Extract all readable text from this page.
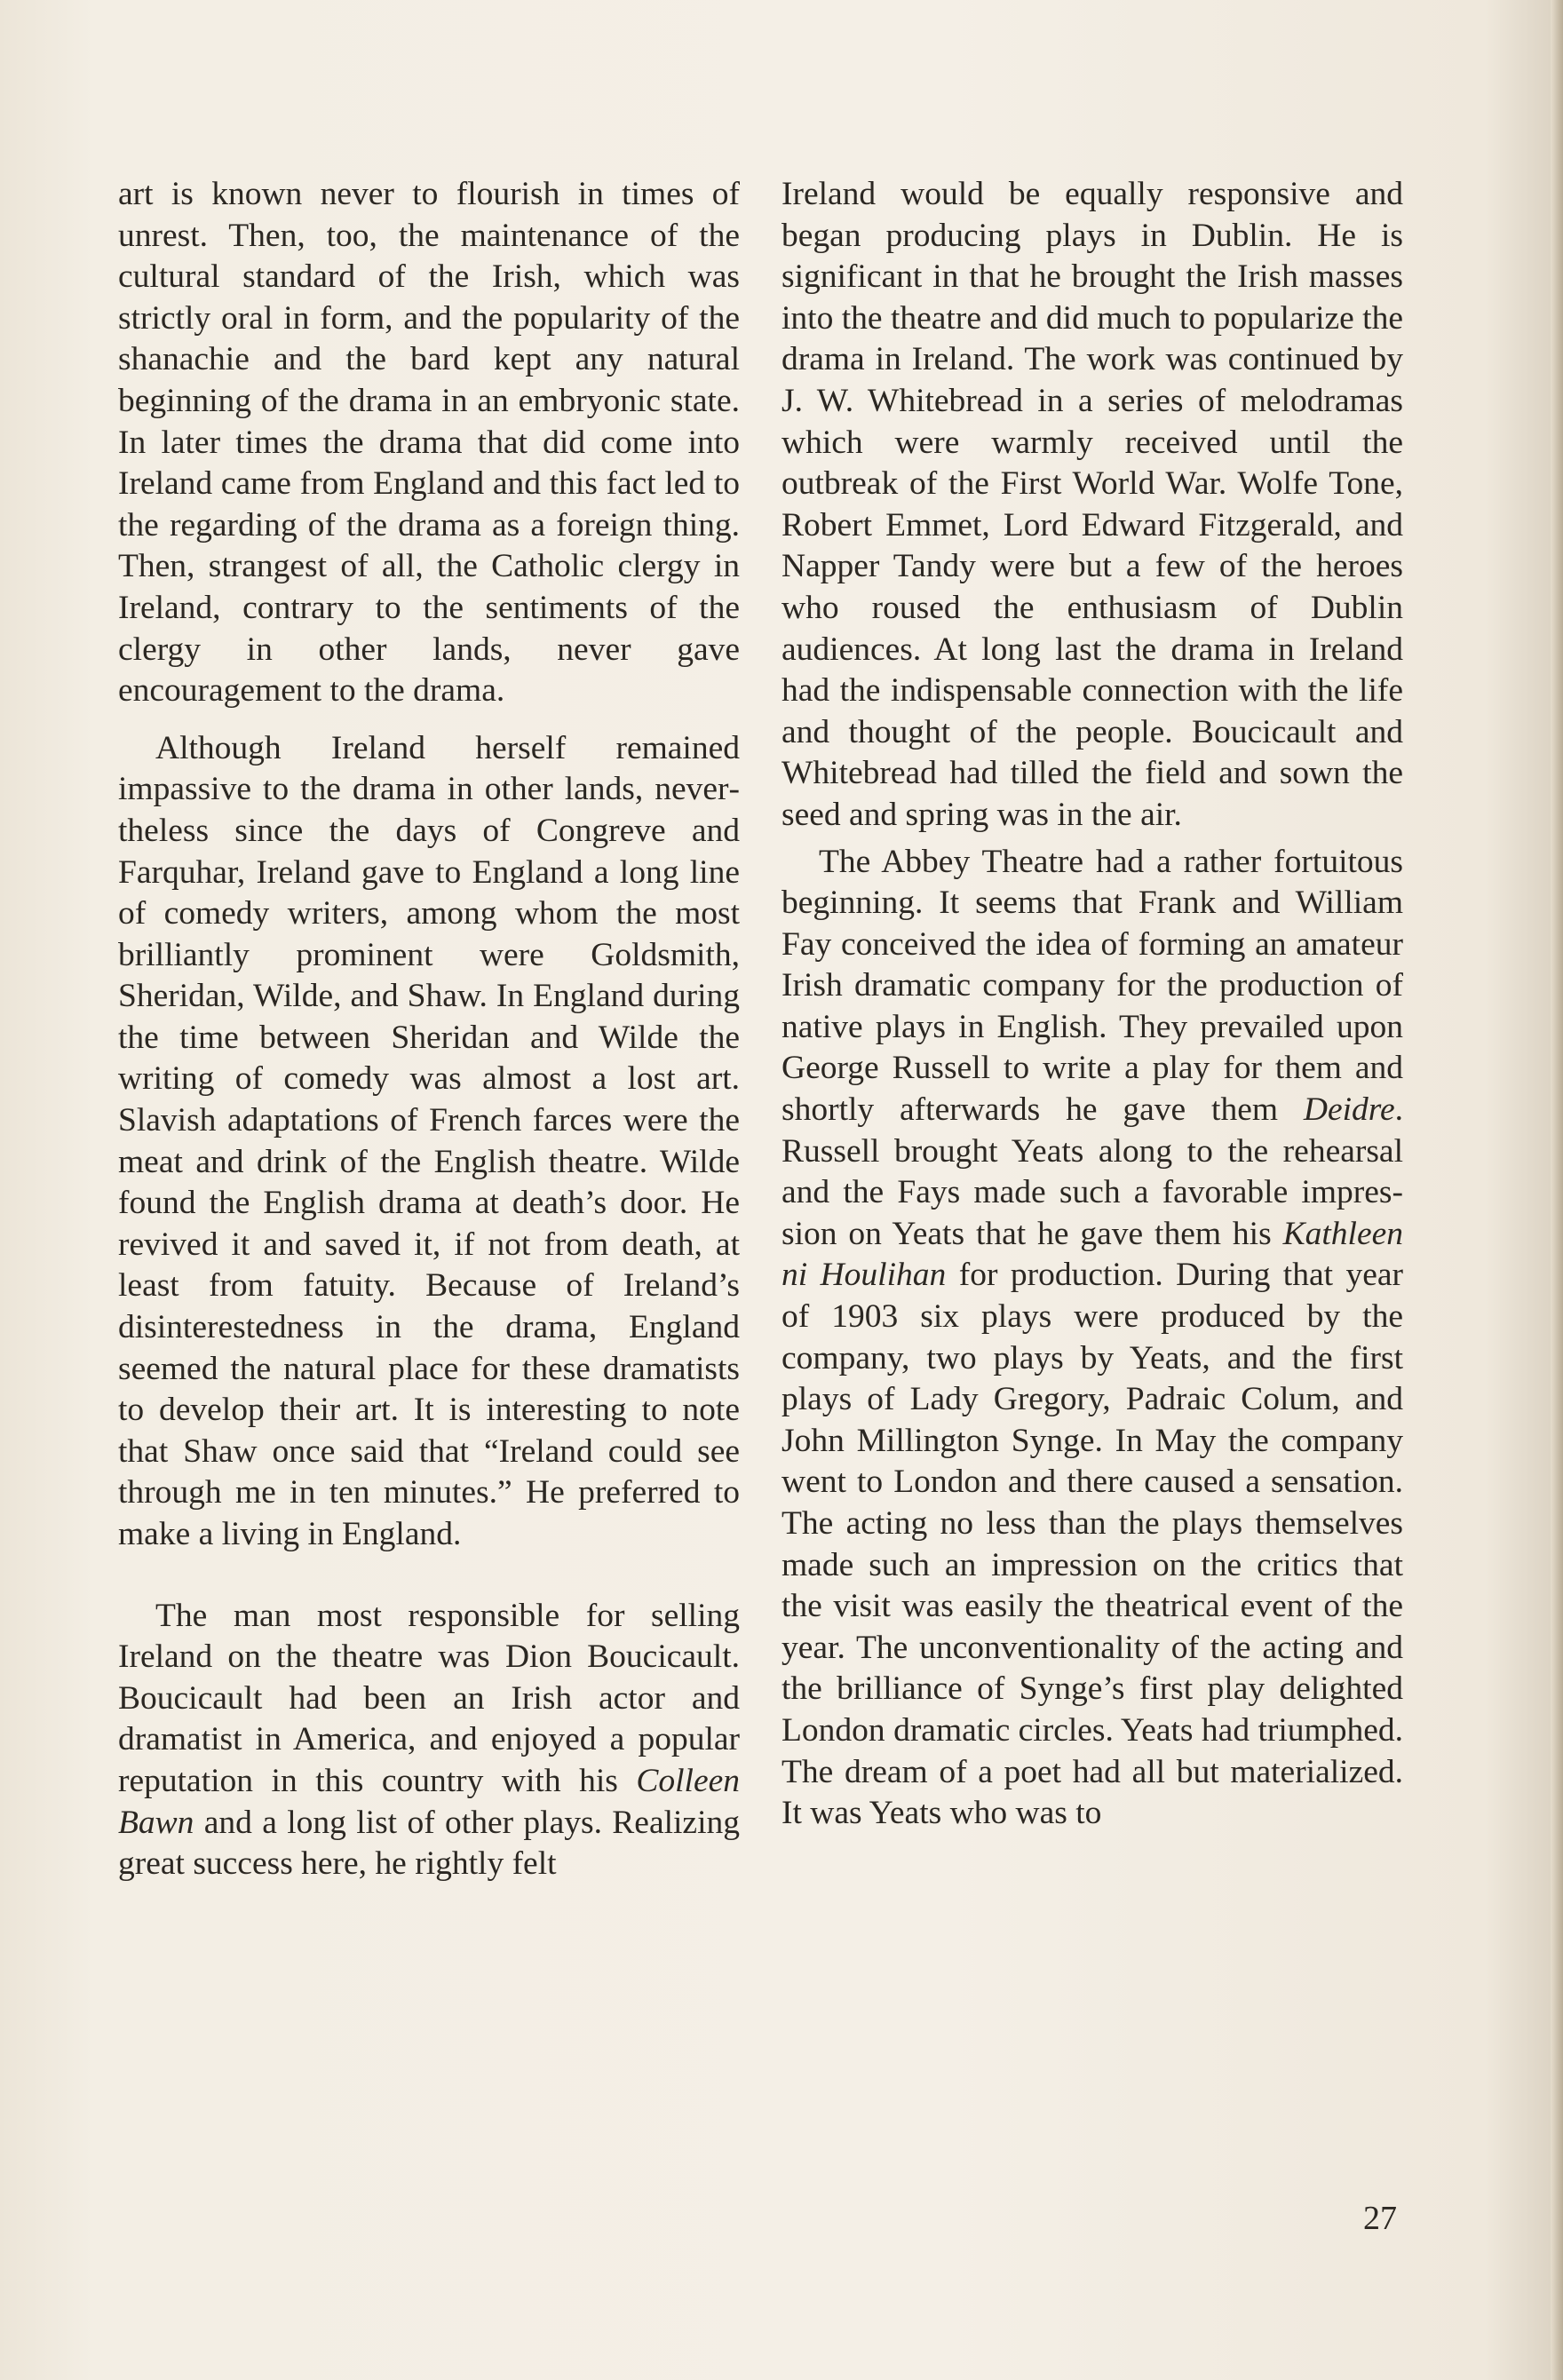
art is known never to flourish in times of unrest. Then, too, the maintenance of the cultural standard of the Irish, which was strictly oral in form, and the popularity of the shanachie and the bard kept any natural beginning of the drama in an embryonic state. In later times the drama that did come into Ireland came from England and this fact led to the regarding of the drama as a foreign thing. Then, strangest of all, the Catholic clergy in Ireland, contrary to the sentiments of the clergy in other lands, never gave encouragement to the drama.

Although Ireland herself remained impassive to the drama in other lands, nevertheless since the days of Congreve and Farquhar, Ireland gave to England a long line of comedy writers, among whom the most brilliantly prominent were Goldsmith, Sheridan, Wilde, and Shaw. In England during the time between Sheridan and Wilde the writing of comedy was almost a lost art. Slavish adaptations of French farces were the meat and drink of the English theatre. Wilde found the English drama at death’s door. He revived it and saved it, if not from death, at least from fatuity. Because of Ireland’s disinterestedness in the drama, England seemed the natural place for these dramatists to develop their art. It is interesting to note that Shaw once said that “Ireland could see through me in ten minutes.” He preferred to make a living in England.

The man most responsible for selling Ireland on the theatre was Dion Boucicault. Boucicault had been an Irish actor and dramatist in America, and enjoyed a popular reputation in this country with his Colleen Bawn and a long list of other plays. Realizing great success here, he rightly felt

Ireland would be equally responsive and began producing plays in Dublin. He is significant in that he brought the Irish masses into the theatre and did much to popularize the drama in Ireland. The work was continued by J. W. Whitebread in a series of melodramas which were warmly received until the outbreak of the First World War. Wolfe Tone, Robert Emmet, Lord Edward Fitzgerald, and Napper Tandy were but a few of the heroes who roused the enthusiasm of Dublin audiences. At long last the drama in Ireland had the indispensable connection with the life and thought of the people. Boucicault and Whitebread had tilled the field and sown the seed and spring was in the air.

The Abbey Theatre had a rather fortuitous beginning. It seems that Frank and William Fay conceived the idea of forming an amateur Irish dramatic company for the production of native plays in English. They prevailed upon George Russell to write a play for them and shortly afterwards he gave them Deidre. Russell brought Yeats along to the rehearsal and the Fays made such a favorable impression on Yeats that he gave them his Kathleen ni Houlihan for production. During that year of 1903 six plays were produced by the company, two plays by Yeats, and the first plays of Lady Gregory, Padraic Colum, and John Millington Synge. In May the company went to London and there caused a sensation. The acting no less than the plays themselves made such an impression on the critics that the visit was easily the theatrical event of the year. The unconventionality of the acting and the brilliance of Synge’s first play delighted London dramatic circles. Yeats had triumphed. The dream of a poet had all but materialized. It was Yeats who was to

27
